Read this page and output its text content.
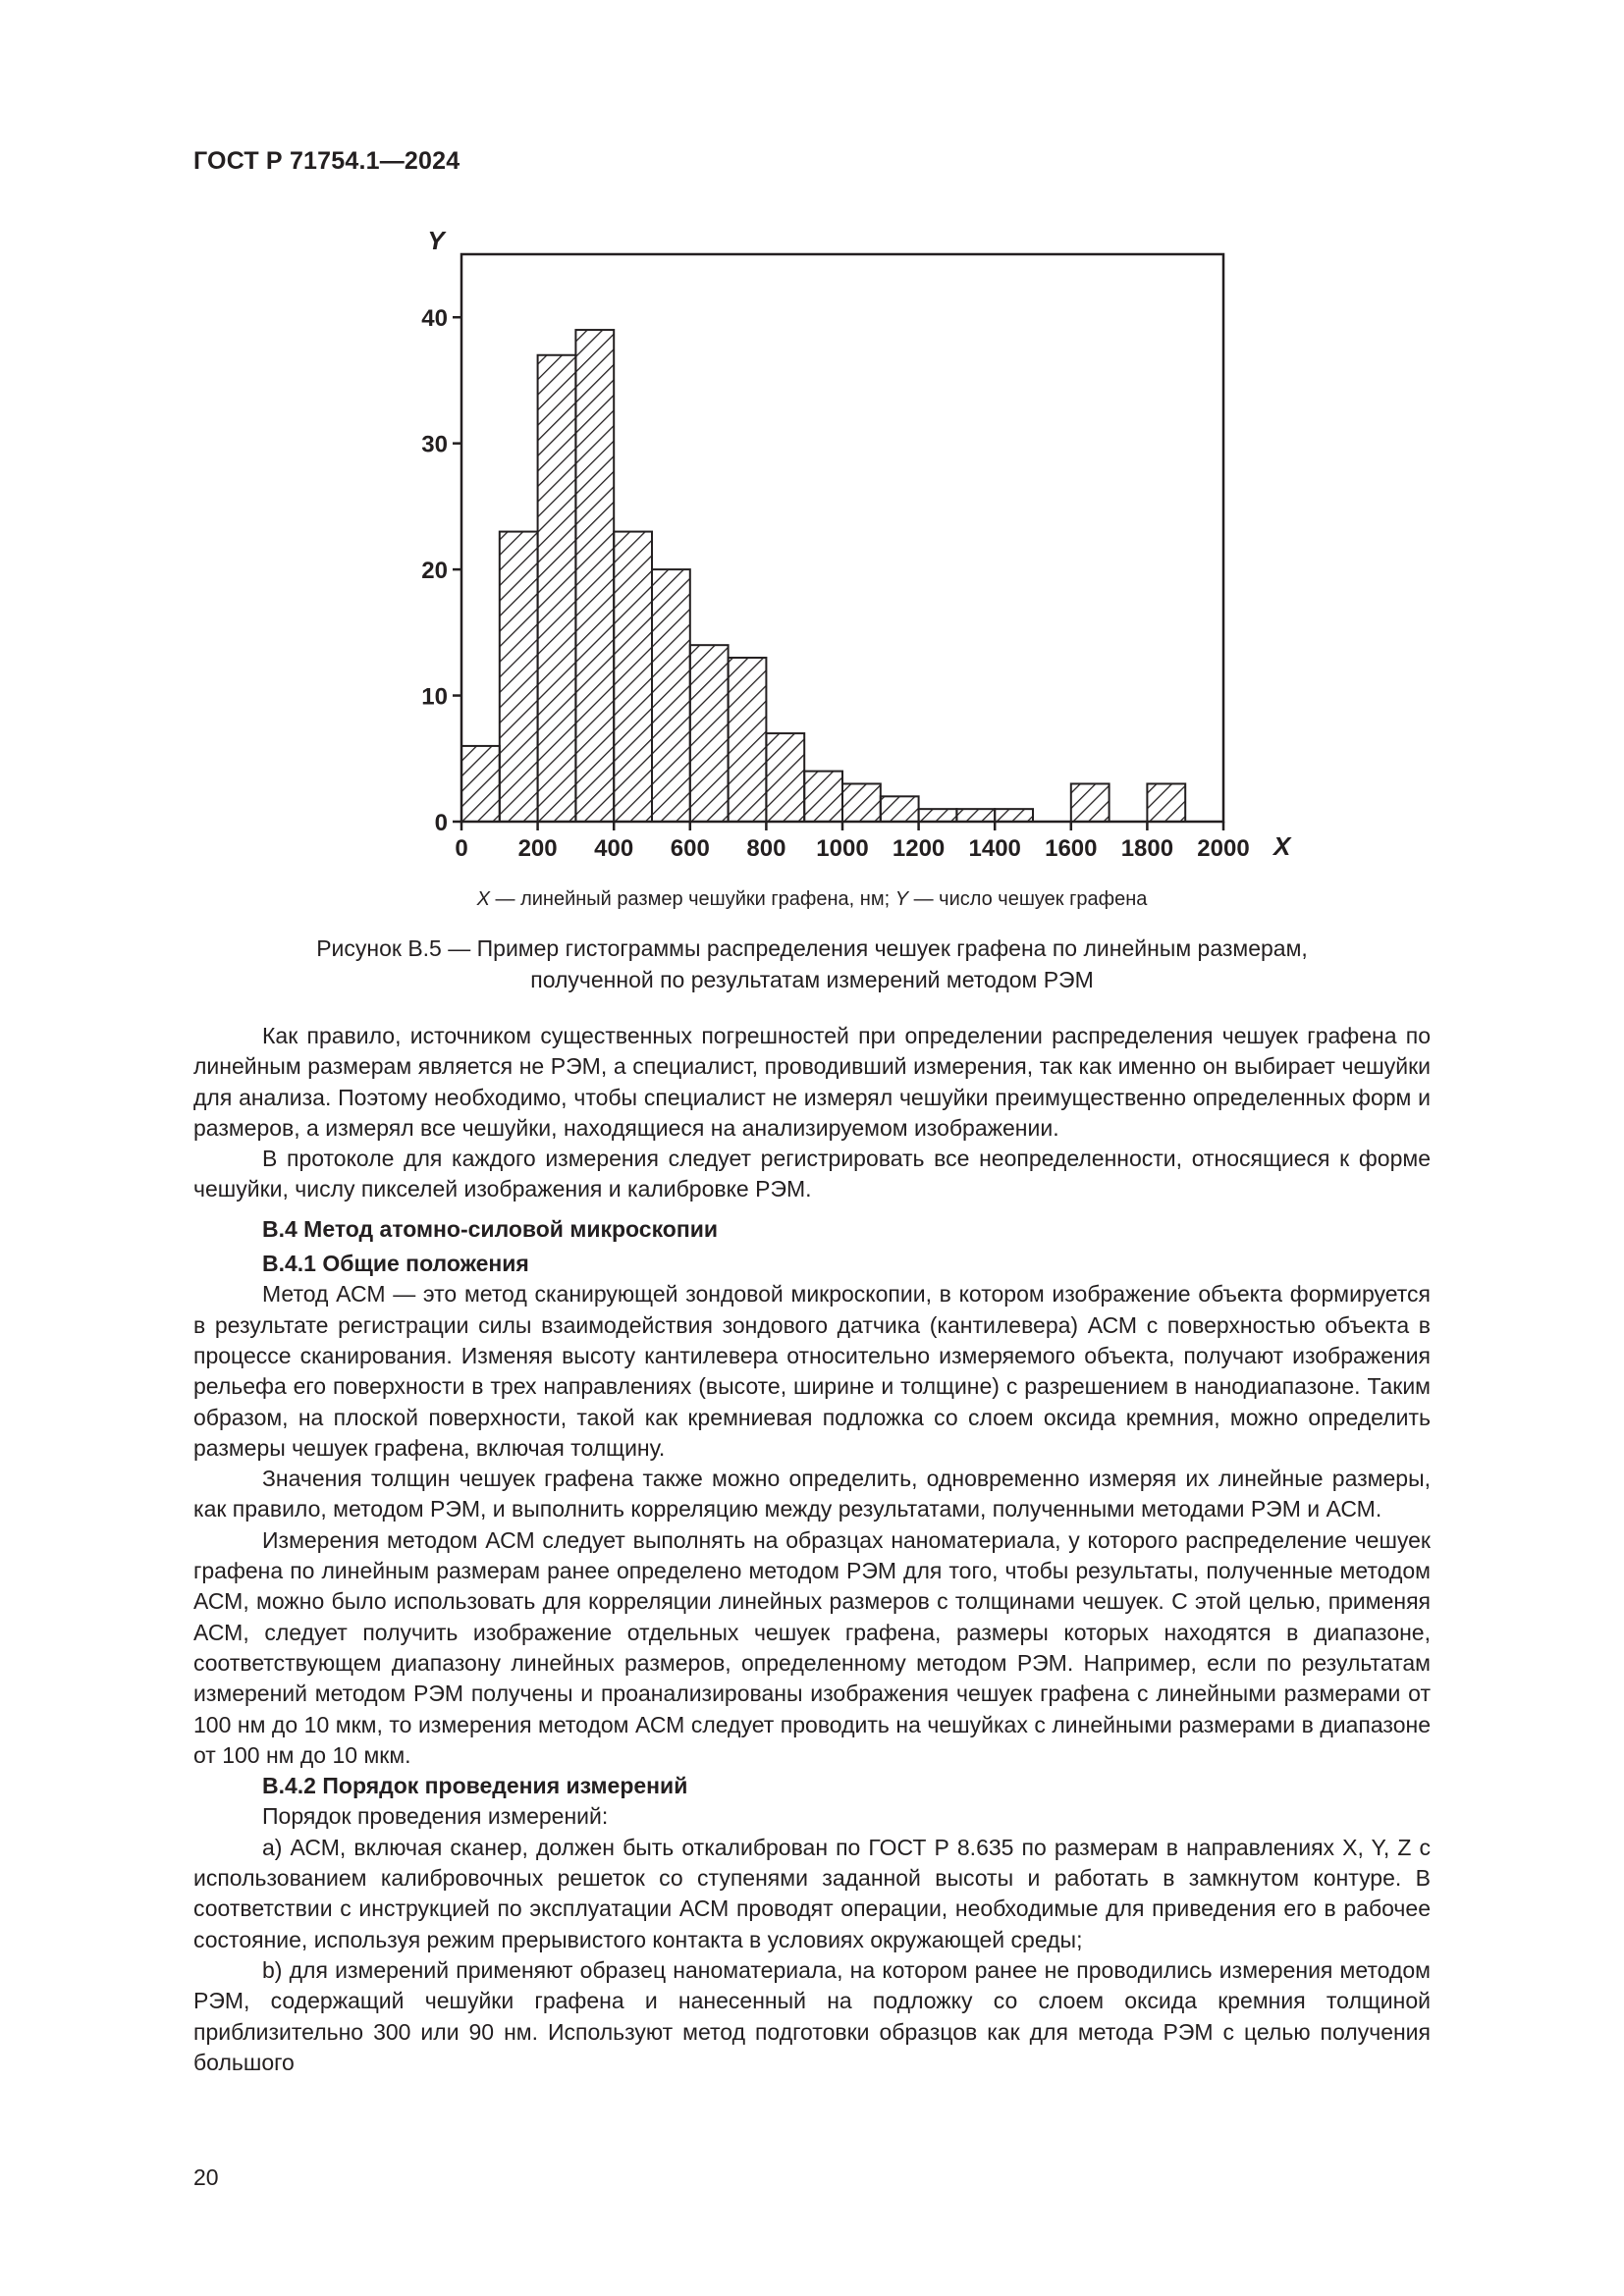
ГОСТ Р 71754.1—2024
0
10
20
30
40
0 200 400 600 800 1000 1200 1400 1600 1800 2000
Y
X
X — линейный размер чешуйки графена, нм; Y — число чешуек графена
Рисунок В.5 — Пример гистограммы распределения чешуек графена по линейным размерам,
полученной по результатам измерений методом РЭМ

Как правило, источником существенных погрешностей при определении распределения чешуек графена по линейным размерам является не РЭМ, а специалист, проводивший измерения, так как именно он выбирает чешуйки для анализа. Поэтому необходимо, чтобы специалист не измерял чешуйки преимущественно определенных форм и размеров, а измерял все чешуйки, находящиеся на анализируемом изображении.

В протоколе для каждого измерения следует регистрировать все неопределенности, относящиеся к форме чешуйки, числу пикселей изображения и калибровке РЭМ.

В.4 Метод атомно-силовой микроскопии

В.4.1 Общие положения

Метод АСМ — это метод сканирующей зондовой микроскопии, в котором изображение объекта формируется в результате регистрации силы взаимодействия зондового датчика (кантилевера) АСМ с поверхностью объекта в процессе сканирования. Изменяя высоту кантилевера относительно измеряемого объекта, получают изображения рельефа его поверхности в трех направлениях (высоте, ширине и толщине) с разрешением в нанодиапазоне. Таким образом, на плоской поверхности, такой как кремниевая подложка со слоем оксида кремния, можно определить размеры чешуек графена, включая толщину.

Значения толщин чешуек графена также можно определить, одновременно измеряя их линейные размеры, как правило, методом РЭМ, и выполнить корреляцию между результатами, полученными методами РЭМ и АСМ.

Измерения методом АСМ следует выполнять на образцах наноматериала, у которого распределение чешуек графена по линейным размерам ранее определено методом РЭМ для того, чтобы результаты, полученные методом АСМ, можно было использовать для корреляции линейных размеров с толщинами чешуек. С этой целью, применяя АСМ, следует получить изображение отдельных чешуек графена, размеры которых находятся в диапазоне, соответствующем диапазону линейных размеров, определенному методом РЭМ. Например, если по результатам измерений методом РЭМ получены и проанализированы изображения чешуек графена с линейными размерами от 100 нм до 10 мкм, то измерения методом АСМ следует проводить на чешуйках с линейными размерами в диапазоне от 100 нм до 10 мкм.

В.4.2 Порядок проведения измерений

Порядок проведения измерений:

a) АСМ, включая сканер, должен быть откалиброван по ГОСТ Р 8.635 по размерам в направлениях X, Y, Z с использованием калибровочных решеток со ступенями заданной высоты и работать в замкнутом контуре. В соответствии с инструкцией по эксплуатации АСМ проводят операции, необходимые для приведения его в рабочее состояние, используя режим прерывистого контакта в условиях окружающей среды;

b) для измерений применяют образец наноматериала, на котором ранее не проводились измерения методом РЭМ, содержащий чешуйки графена и нанесенный на подложку со слоем оксида кремния толщиной приблизительно 300 или 90 нм. Используют метод подготовки образцов как для метода РЭМ с целью получения большого

20
